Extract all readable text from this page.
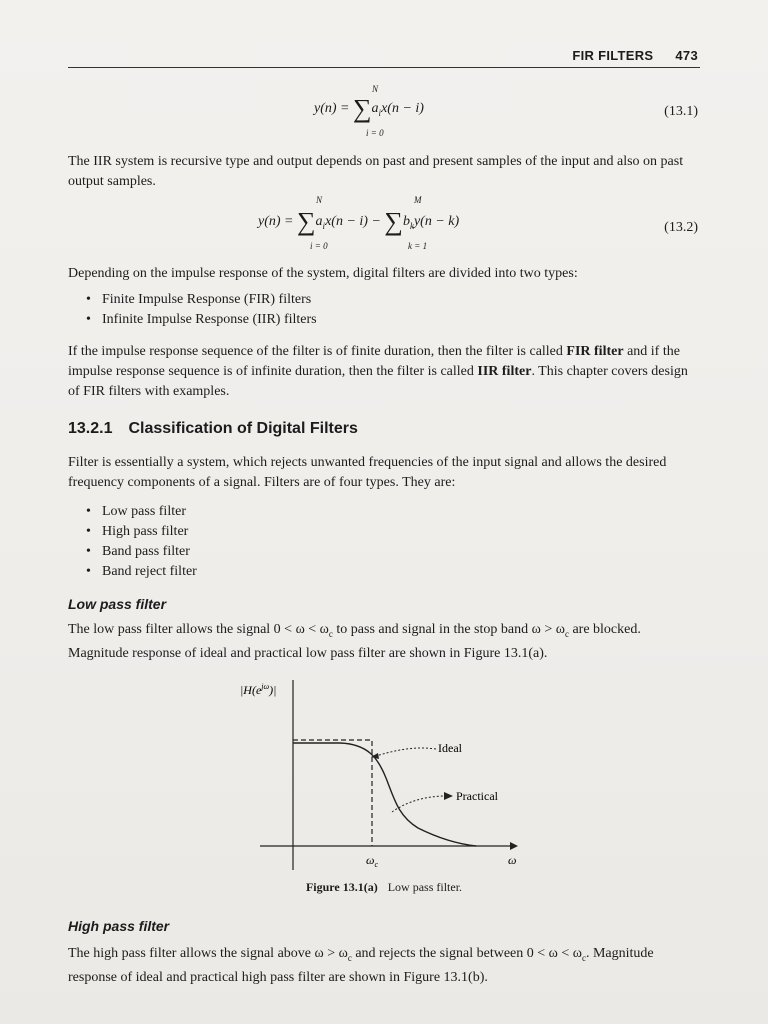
FIR FILTERS 473
$y(n) = \sum a_ix(n - i)$
N
i = 0
(13.1)

The IIR system is recursive type and output depends on past and present samples of the input and also on past output samples.

$y(n) = \sum a_ix(n - i) - \sum b_ky(n - k)$
N
i = 0
M
k = 1
(13.2)

Depending on the impulse response of the system, digital filters are divided into two types:

• Finite Impulse Response (FIR) filters
• Infinite Impulse Response (IIR) filters

If the impulse response sequence of the filter is of finite duration, then the filter is called FIR filter and if the impulse response sequence is of infinite duration, then the filter is called IIR filter. This chapter covers design of FIR filters with examples.

13.2.1 Classification of Digital Filters

Filter is essentially a system, which rejects unwanted frequencies of the input signal and allows the desired frequency components of a signal. Filters are of four types. They are:

• Low pass filter
• High pass filter
• Band pass filter
• Band reject filter
Low pass filter

The low pass filter allows the signal $0 < \omega < \omega_c$ to pass and signal in the stop band $\omega > \omega_c$ are blocked. Magnitude response of ideal and practical low pass filter are shown in Figure 13.1(a).

$|H(e^{j\omega})|$
Ideal
Practical
$\omega_c$	ω
Figure 13.1(a) Low pass filter.
High pass filter

The high pass filter allows the signal above $\omega > \omega_c$ and rejects the signal between $0 < \omega < \omega_c$. Magnitude response of ideal and practical high pass filter are shown in Figure 13.1(b).
